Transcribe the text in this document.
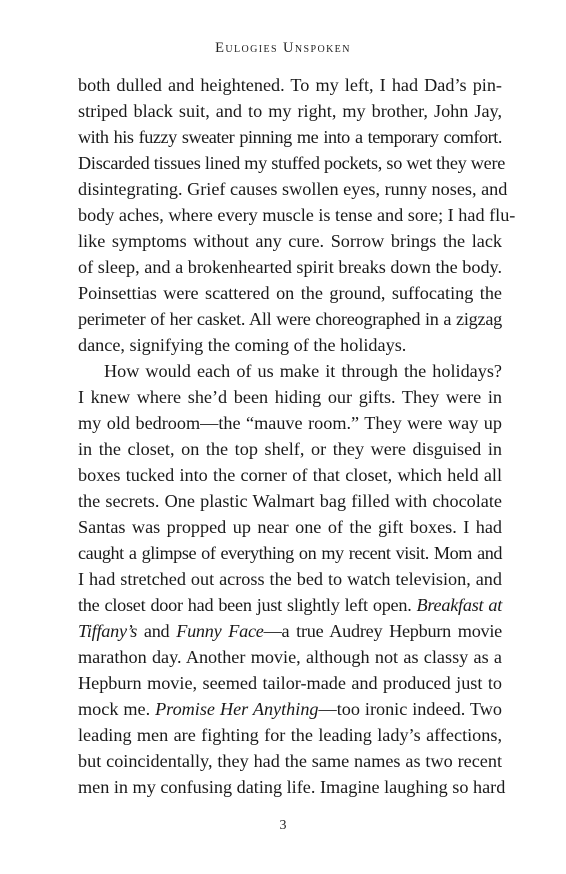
Eulogies Unspoken
both dulled and heightened. To my left, I had Dad’s pin-
striped black suit, and to my right, my brother, John Jay,
with his fuzzy sweater pinning me into a temporary comfort.
Discarded tissues lined my stuffed pockets, so wet they were
disintegrating. Grief causes swollen eyes, runny noses, and
body aches, where every muscle is tense and sore; I had flu-
like symptoms without any cure. Sorrow brings the lack
of sleep, and a brokenhearted spirit breaks down the body.
Poinsettias were scattered on the ground, suffocating the
perimeter of her casket. All were choreographed in a zigzag
dance, signifying the coming of the holidays.
How would each of us make it through the holidays?
I knew where she’d been hiding our gifts. They were in
my old bedroom—the “mauve room.” They were way up
in the closet, on the top shelf, or they were disguised in
boxes tucked into the corner of that closet, which held all
the secrets. One plastic Walmart bag filled with chocolate
Santas was propped up near one of the gift boxes. I had
caught a glimpse of everything on my recent visit. Mom and
I had stretched out across the bed to watch television, and
the closet door had been just slightly left open. Breakfast at
Tiffany’s and Funny Face—a true Audrey Hepburn movie
marathon day. Another movie, although not as classy as a
Hepburn movie, seemed tailor-made and produced just to
mock me. Promise Her Anything—too ironic indeed. Two
leading men are fighting for the leading lady’s affections,
but coincidentally, they had the same names as two recent
men in my confusing dating life. Imagine laughing so hard
3
